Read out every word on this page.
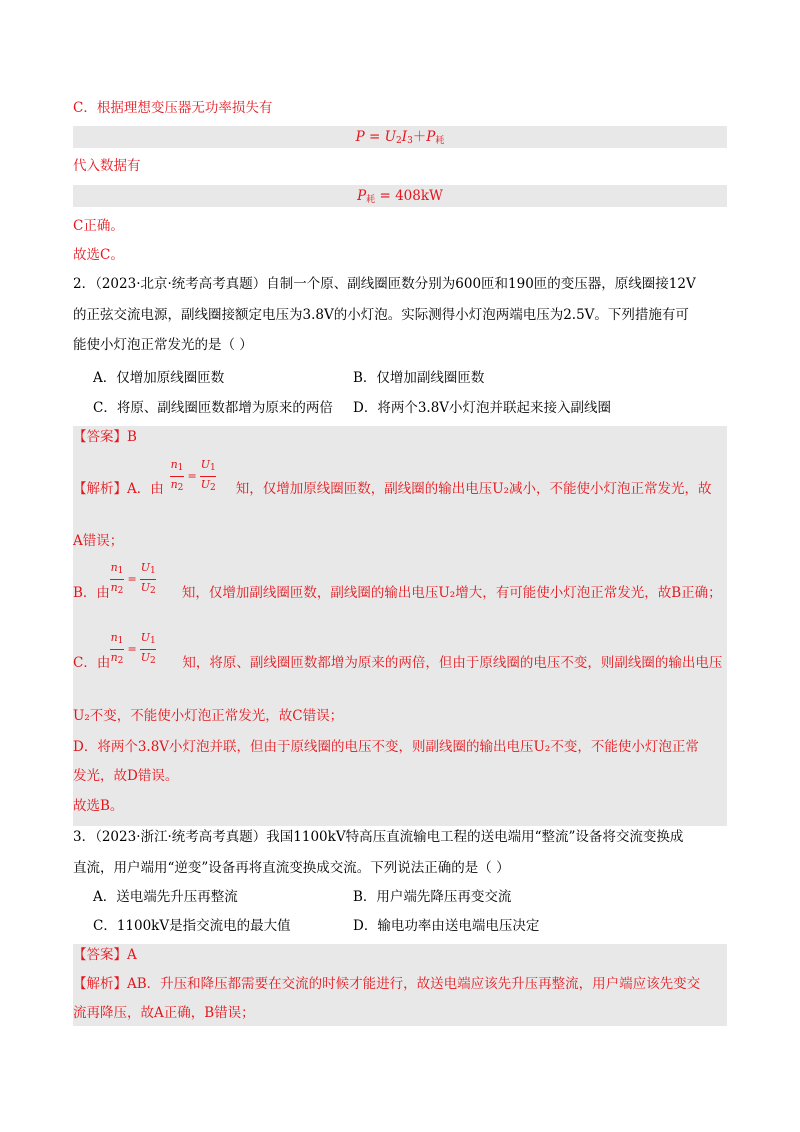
C．根据理想变压器无功率损失有
$P = U_2I_3+P_耗$
代入数据有
$P_耗 = 408kW$
C正确。
故选C。
2．（2023·北京·统考高考真题）自制一个原、副线圈匝数分别为600匝和190匝的变压器，原线圈接12V
的正弦交流电源，副线圈接额定电压为3.8V的小灯泡。实际测得小灯泡两端电压为2.5V。下列措施有可
能使小灯泡正常发光的是（ ）
A．仅增加原线圈匝数	B．仅增加副线圈匝数
C．将原、副线圈匝数都增为原来的两倍 D．将两个3.8V小灯泡并联起来接入副线圈
【答案】B
【解析】A．由	知，仅增加原线圈匝数，副线圈的输出电压U₂减小，不能使小灯泡正常发光，故
$n_1$

$n_2 = U_1$

$U_2$
A错误；
B．由	知，仅增加副线圈匝数，副线圈的输出电压U₂增大，有可能使小灯泡正常发光，故B正确；
$n_1$

$n_2 = U_1$

$U_2$
C．由	知，将原、副线圈匝数都增为原来的两倍，但由于原线圈的电压不变，则副线圈的输出电压
$n_1$

$n_2 = U_1$

$U_2$
U₂不变，不能使小灯泡正常发光，故C错误；
D．将两个3.8V小灯泡并联，但由于原线圈的电压不变，则副线圈的输出电压U₂不变，不能使小灯泡正常
发光，故D错误。
故选B。
3．（2023·浙江·统考高考真题）我国1100kV特高压直流输电工程的送电端用“整流”设备将交流变换成
直流，用户端用“逆变”设备再将直流变换成交流。下列说法正确的是（ ）
A．送电端先升压再整流	B．用户端先降压再变交流
C．1100kV是指交流电的最大值	D．输电功率由送电端电压决定
【答案】A
【解析】AB．升压和降压都需要在交流的时候才能进行，故送电端应该先升压再整流，用户端应该先变交
流再降压，故A正确，B错误；
